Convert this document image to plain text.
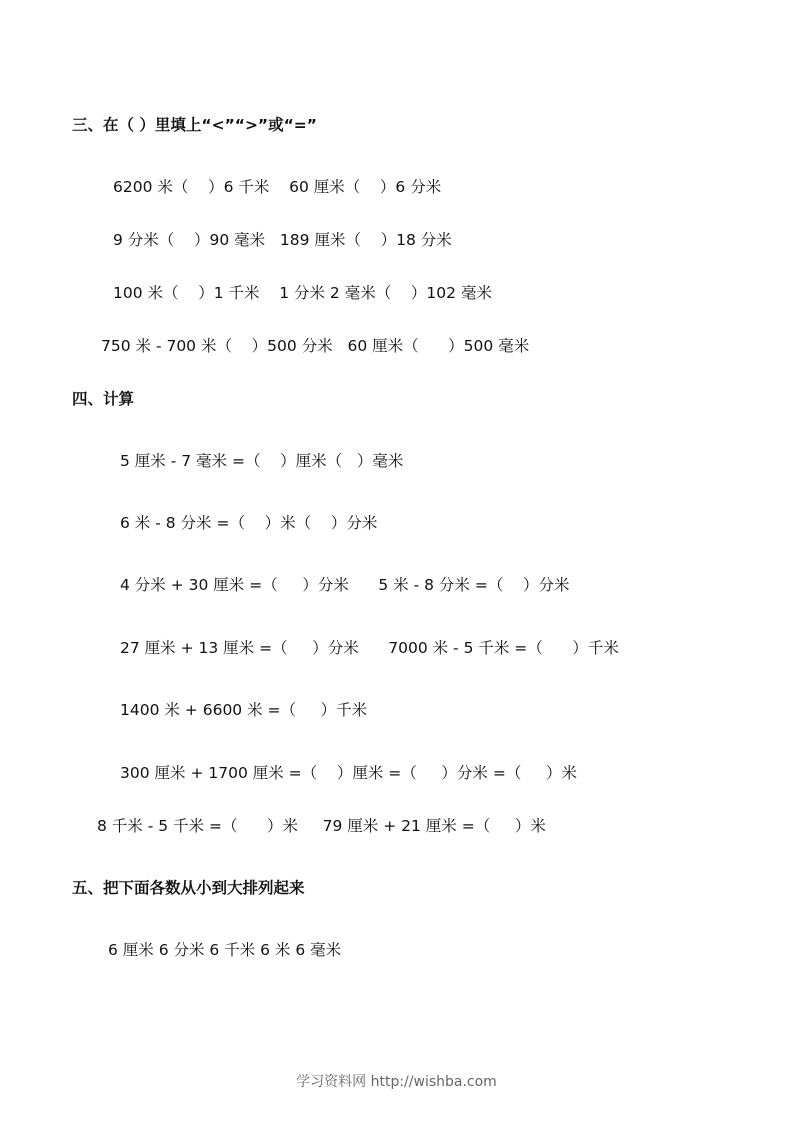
三、在（ ）里填上“<”“>”或“=”

6200 米（    ）6 千米    60 厘米（    ）6 分米

9 分米（    ）90 毫米   189 厘米（    ）18 分米

100 米（    ）1 千米    1 分米 2 毫米（    ）102 毫米

750 米 - 700 米（    ）500 分米   60 厘米（      ）500 毫米

四、计算

5 厘米 - 7 毫米 =（    ）厘米（   ）毫米

6 米 - 8 分米 =（    ）米（    ）分米

4 分米 + 30 厘米 =（     ）分米      5 米 - 8 分米 =（    ）分米

27 厘米 + 13 厘米 =（     ）分米      7000 米 - 5 千米 =（      ）千米

1400 米 + 6600 米 =（     ）千米

300 厘米 + 1700 厘米 =（    ）厘米 =（     ）分米 =（     ）米

8 千米 - 5 千米 =（      ）米     79 厘米 + 21 厘米 =（     ）米

五、把下面各数从小到大排列起来

6 厘米 6 分米 6 千米 6 米 6 毫米

学习资料网 http://wishba.com
